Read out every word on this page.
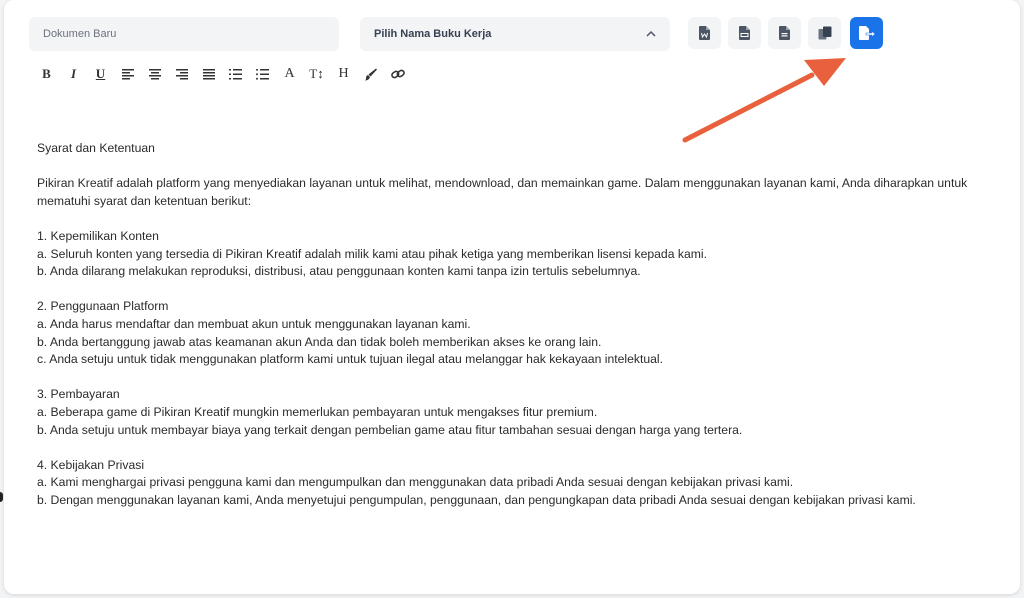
Dokumen Baru
Pilih Nama Buku Kerja
B I U	A T↕ H

Syarat dan Ketentuan

Pikiran Kreatif adalah platform yang menyediakan layanan untuk melihat, mendownload, dan memainkan game. Dalam menggunakan layanan kami, Anda diharapkan untuk

mematuhi syarat dan ketentuan berikut:

1. Kepemilikan Konten

a. Seluruh konten yang tersedia di Pikiran Kreatif adalah milik kami atau pihak ketiga yang memberikan lisensi kepada kami.

b. Anda dilarang melakukan reproduksi, distribusi, atau penggunaan konten kami tanpa izin tertulis sebelumnya.

2. Penggunaan Platform

a. Anda harus mendaftar dan membuat akun untuk menggunakan layanan kami.

b. Anda bertanggung jawab atas keamanan akun Anda dan tidak boleh memberikan akses ke orang lain.

c. Anda setuju untuk tidak menggunakan platform kami untuk tujuan ilegal atau melanggar hak kekayaan intelektual.

3. Pembayaran

a. Beberapa game di Pikiran Kreatif mungkin memerlukan pembayaran untuk mengakses fitur premium.

b. Anda setuju untuk membayar biaya yang terkait dengan pembelian game atau fitur tambahan sesuai dengan harga yang tertera.

4. Kebijakan Privasi

a. Kami menghargai privasi pengguna kami dan mengumpulkan dan menggunakan data pribadi Anda sesuai dengan kebijakan privasi kami.

b. Dengan menggunakan layanan kami, Anda menyetujui pengumpulan, penggunaan, dan pengungkapan data pribadi Anda sesuai dengan kebijakan privasi kami.
